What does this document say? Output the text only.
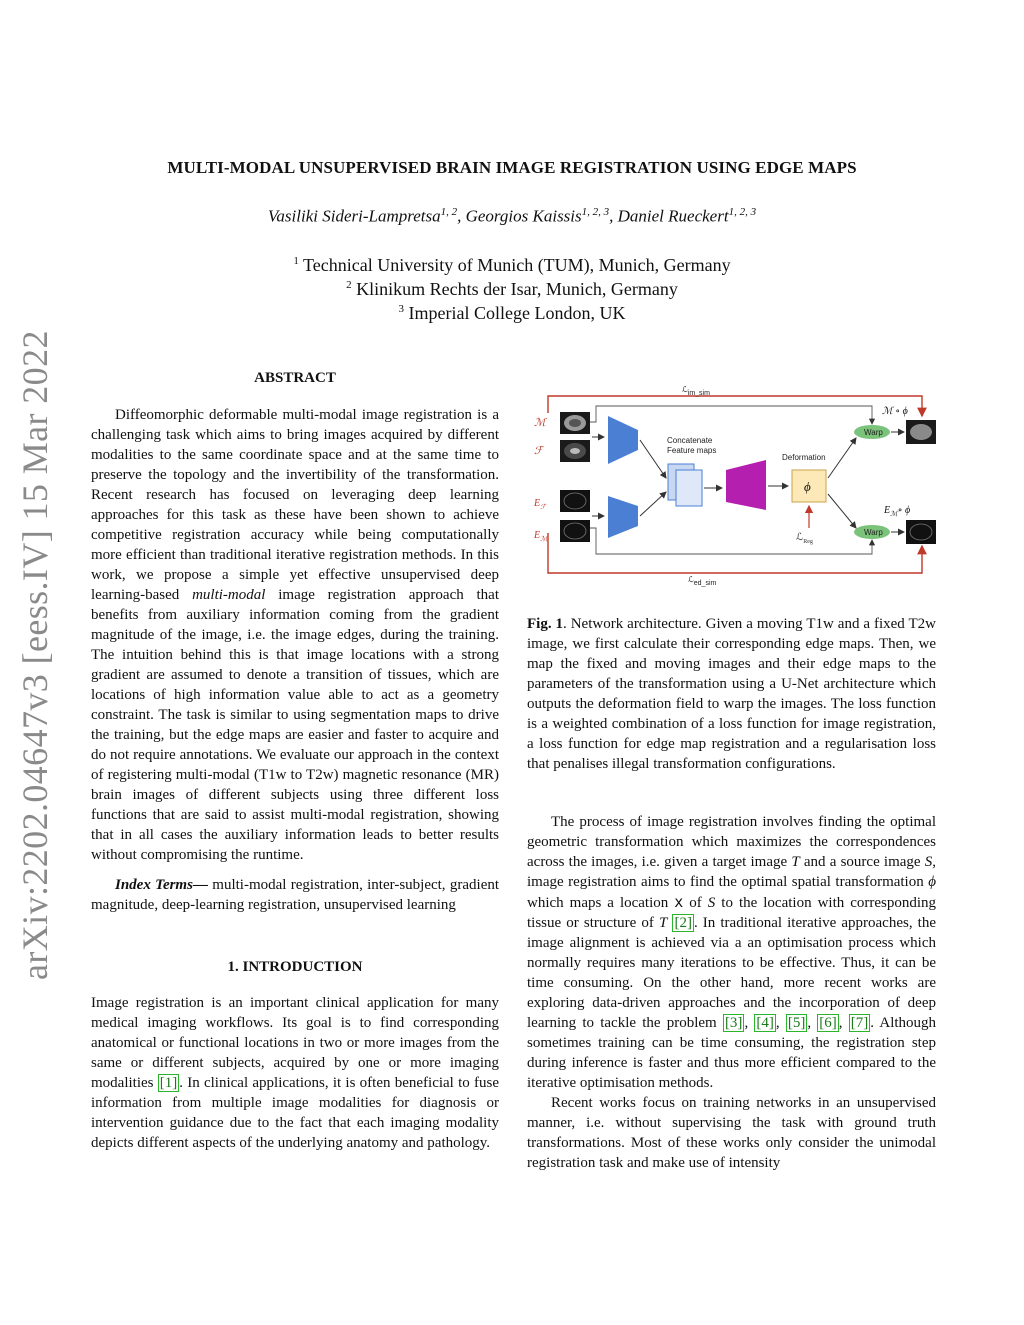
MULTI-MODAL UNSUPERVISED BRAIN IMAGE REGISTRATION USING EDGE MAPS
Vasiliki Sideri-Lampretsa$^{1, 2}$, Georgios Kaissis$^{1, 2, 3}$, Daniel Rueckert$^{1, 2, 3}$
$^1$ Technical University of Munich (TUM), Munich, Germany
$^2$ Klinikum Rechts der Isar, Munich, Germany
$^3$ Imperial College London, UK
arXiv:2202.04647v3 [eess.IV] 15 Mar 2022	ABSTRACT

Diffeomorphic deformable multi-modal image registration is a challenging task which aims to bring images acquired by different modalities to the same coordinate space and at the same time to preserve the topology and the invertibility of the transformation. Recent research has focused on leveraging deep learning approaches for this task as these have been shown to achieve competitive registration accuracy while being computationally more efficient than traditional iterative registration methods. In this work, we propose a simple yet effective unsupervised deep learning-based multi-modal image registration approach that benefits from auxiliary information coming from the gradient magnitude of the image, i.e. the image edges, during the training. The intuition behind this is that image locations with a strong gradient are assumed to denote a transition of tissues, which are locations of high information value able to act as a geometry constraint. The task is similar to using segmentation maps to drive the training, but the edge maps are easier and faster to acquire and do not require annotations. We evaluate our approach in the context of registering multi-modal (T1w to T2w) magnetic resonance (MR) brain images of different subjects using three different loss functions that are said to assist multi-modal registration, showing that in all cases the auxiliary information leads to better results without compromising the runtime.

Index Terms— multi-modal registration, inter-subject, gradient magnitude, deep-learning registration, unsupervised learning

1. INTRODUCTION

Image registration is an important clinical application for many medical imaging workflows. Its goal is to find corresponding anatomical or functional locations in two or more images from the same or different subjects, acquired by one or more imaging modalities [1] . In clinical applications, it is often beneficial to fuse information from multiple image modalities for diagnosis or intervention guidance due to the fact that each imaging modality depicts different aspects of the underlying anatomy and pathology.

ℒim_sim
ℒed_sim
ℳ
ℱ
$E_ℱ$
$E_ℳ$
Concatenate
Feature maps
Deformation
ϕ
ℒ$_{Reg}$
Warp
Warp
ℳ ∘ ϕ
$E_ℳ\circ$ ϕ

Fig. 1. Network architecture. Given a moving T1w and a fixed T2w image, we first calculate their corresponding edge maps. Then, we map the fixed and moving images and their edge maps to the parameters of the transformation using a U-Net architecture which outputs the deformation field to warp the images. The loss function is a weighted combination of a loss function for image registration, a loss function for edge map registration and a regularisation loss that penalises illegal transformation configurations.

The process of image registration involves finding the optimal geometric transformation which maximizes the correspondences across the images, i.e. given a target image T and a source image S, image registration aims to find the optimal spatial transformation ϕ which maps a location x of S to the location with corresponding tissue or structure of T [2] . In traditional iterative approaches, the image alignment is achieved via a an optimisation process which normally requires many iterations to be effective. Thus, it can be time consuming. On the other hand, more recent works are exploring data-driven approaches and the incorporation of deep learning to tackle the problem [3] , [4] , [5] , [6] , [7] . Although sometimes training can be time consuming, the registration step during inference is faster and thus more efficient compared to the iterative optimisation methods.

Recent works focus on training networks in an unsupervised manner, i.e. without supervising the task with ground truth transformations. Most of these works only consider the unimodal registration task and make use of intensity
